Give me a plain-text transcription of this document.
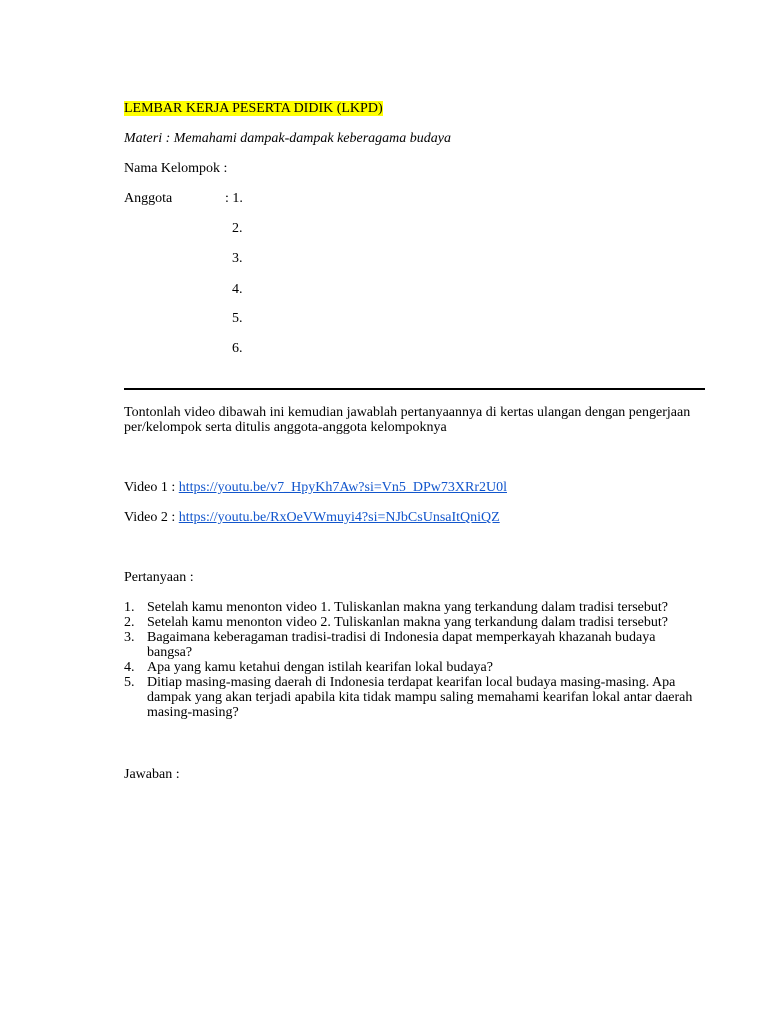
LEMBAR KERJA PESERTA DIDIK (LKPD)
Materi : Memahami dampak-dampak keberagama budaya
Nama Kelompok :
Anggota	: 1.
2.
3.
4.
5.
6.
Tontonlah video dibawah ini kemudian jawablah pertanyaannya di kertas ulangan dengan pengerjaan per/kelompok serta ditulis anggota-anggota kelompoknya
Video 1 : https://youtu.be/v7_HpyKh7Aw?si=Vn5_DPw73XRr2U0l
Video 2 : https://youtu.be/RxOeVWmuyi4?si=NJbCsUnsaItQniQZ
Pertanyaan :
1. Setelah kamu menonton video 1. Tuliskanlan makna yang terkandung dalam tradisi tersebut?
2. Setelah kamu menonton video 2. Tuliskanlan makna yang terkandung dalam tradisi tersebut?
3. Bagaimana keberagaman tradisi-tradisi di Indonesia dapat memperkayah khazanah budaya bangsa?
4. Apa yang kamu ketahui dengan istilah kearifan lokal budaya?
5. Ditiap masing-masing daerah di Indonesia terdapat kearifan local budaya masing-masing. Apa dampak yang akan terjadi apabila kita tidak mampu saling memahami kearifan lokal antar daerah masing-masing?
Jawaban :
